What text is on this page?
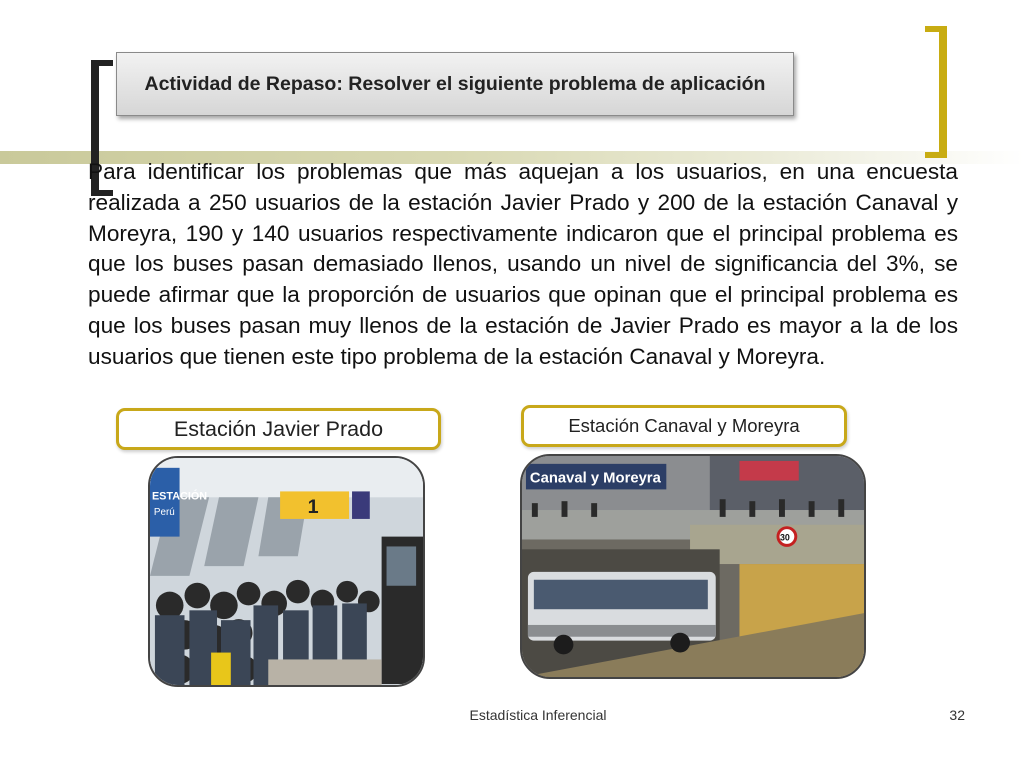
Actividad de Repaso: Resolver el siguiente problema de aplicación
Para identificar los problemas que más aquejan a los usuarios, en una encuesta realizada a 250 usuarios de la estación Javier Prado y 200 de la estación Canaval y Moreyra, 190 y 140 usuarios respectivamente indicaron que el principal problema es que los buses pasan demasiado llenos, usando un nivel de significancia del 3%, se puede afirmar que la proporción de usuarios que opinan que el principal problema es que los buses pasan muy llenos de la estación de Javier Prado es mayor a la de los usuarios que tienen este tipo problema de la estación Canaval y Moreyra.
Estación Javier Prado	Estación Canaval y Moreyra
ESTACIÓN
Perú	1
Canaval y Moreyra
30
Estadística Inferencial	32
